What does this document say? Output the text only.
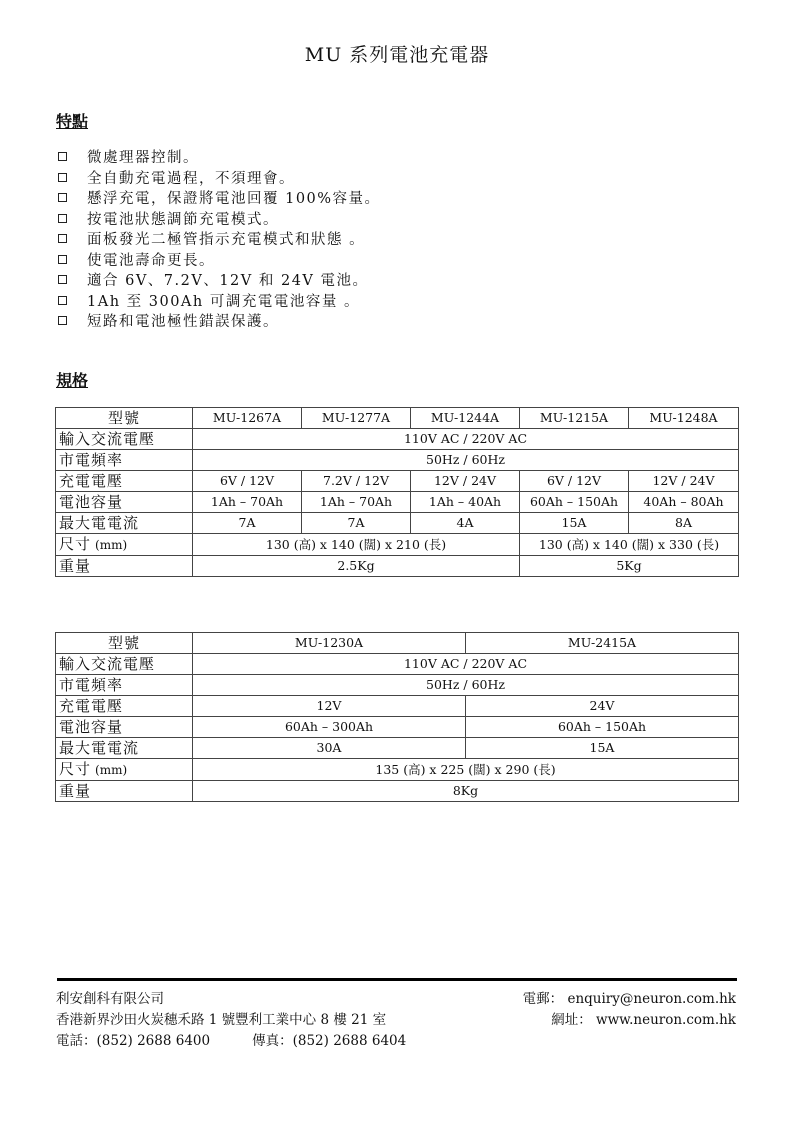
MU 系列電池充電器
特點
微處理器控制。
全自動充電過程，不須理會。
懸浮充電，保證將電池回覆 100%容量。
按電池狀態調節充電模式。
面板發光二極管指示充電模式和狀態 。
使電池壽命更長。
適合 6V、7.2V、12V 和 24V 電池。
1Ah 至 300Ah 可調充電電池容量 。
短路和電池極性錯誤保護。
規格
型號	MU-1267A	MU-1277A	MU-1244A	MU-1215A	MU-1248A
輸入交流電壓	110V AC / 220V AC				
市電頻率	50Hz / 60Hz				
充電電壓	6V / 12V	7.2V / 12V	12V / 24V	6V / 12V	12V / 24V
電池容量	1Ah – 70Ah	1Ah – 70Ah	1Ah – 40Ah	60Ah – 150Ah	40Ah – 80Ah
最大電電流	7A	7A	4A	15A	8A
尺寸 (mm)	130 (高) x 140 (闊) x 210 (長)			130 (高) x 140 (闊) x 330 (長)	
重量	2.5Kg			5Kg	
型號	MU-1230A	MU-2415A
輸入交流電壓	110V AC / 220V AC	
市電頻率	50Hz / 60Hz	
充電電壓	12V	24V
電池容量	60Ah – 300Ah	60Ah – 150Ah
最大電電流	30A	15A
尺寸 (mm)	135 (高) x 225 (闊) x 290 (長)	
重量	8Kg	
利安創科有限公司
香港新界沙田火炭穗禾路 1 號豐利工業中心 8 樓 21 室
電話：(852) 2688 6400	傳真：(852) 2688 6404
電郵： enquiry@neuron.com.hk
網址： www.neuron.com.hk
